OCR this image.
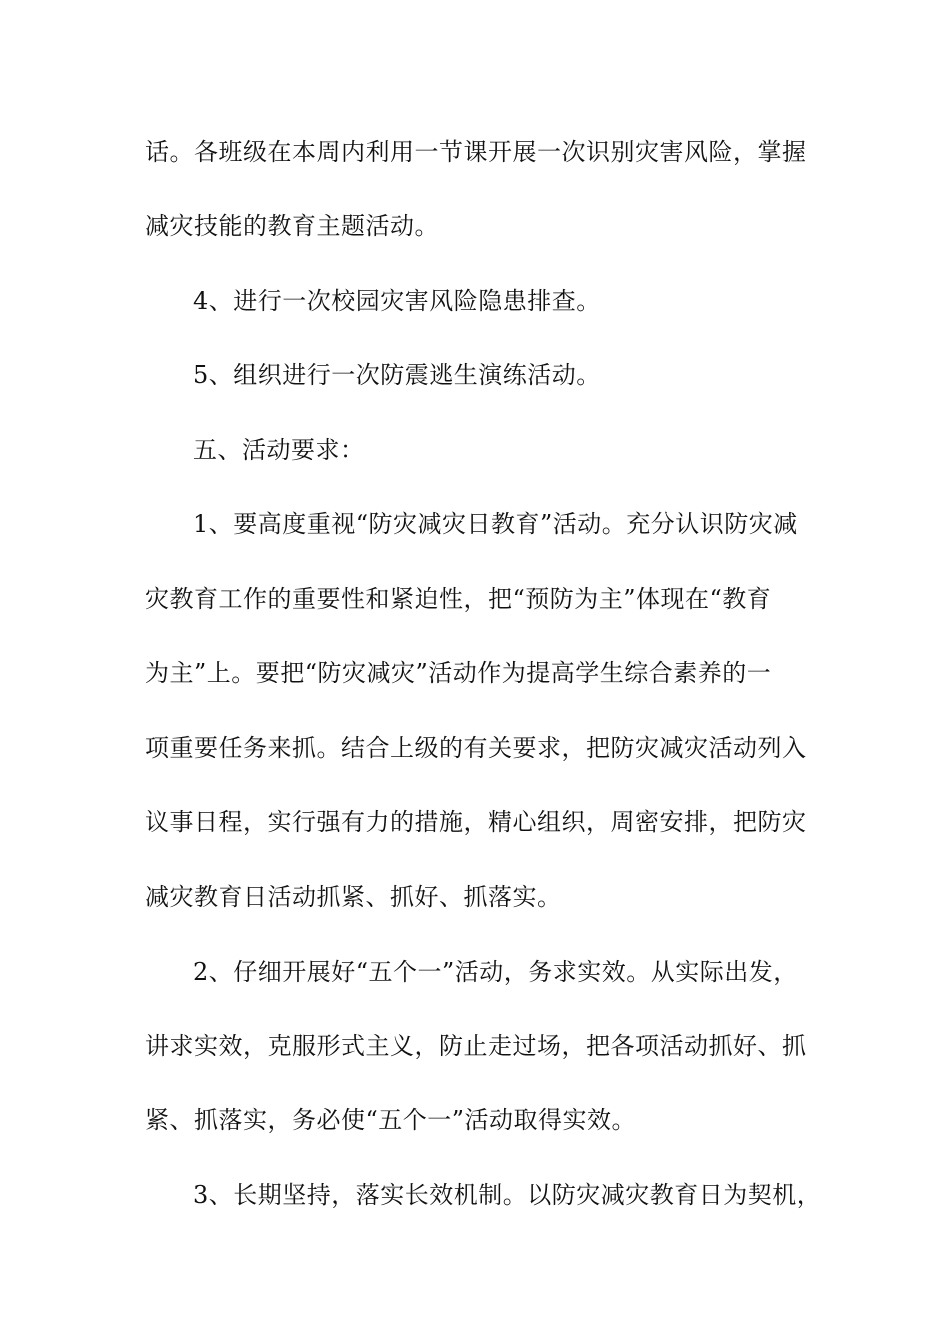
话。各班级在本周内利用一节课开展一次识别灾害风险，掌握
减灾技能的教育主题活动。
4、进行一次校园灾害风险隐患排查。
5、组织进行一次防震逃生演练活动。
五、活动要求：
1、要高度重视“防灾减灾日教育”活动。充分认识防灾减
灾教育工作的重要性和紧迫性，把“预防为主”体现在“教育
为主”上。要把“防灾减灾”活动作为提高学生综合素养的一
项重要任务来抓。结合上级的有关要求，把防灾减灾活动列入
议事日程，实行强有力的措施，精心组织，周密安排，把防灾
减灾教育日活动抓紧、抓好、抓落实。
2、仔细开展好“五个一”活动，务求实效。从实际出发，
讲求实效，克服形式主义，防止走过场，把各项活动抓好、抓
紧、抓落实，务必使“五个一”活动取得实效。
3、长期坚持，落实长效机制。以防灾减灾教育日为契机，
